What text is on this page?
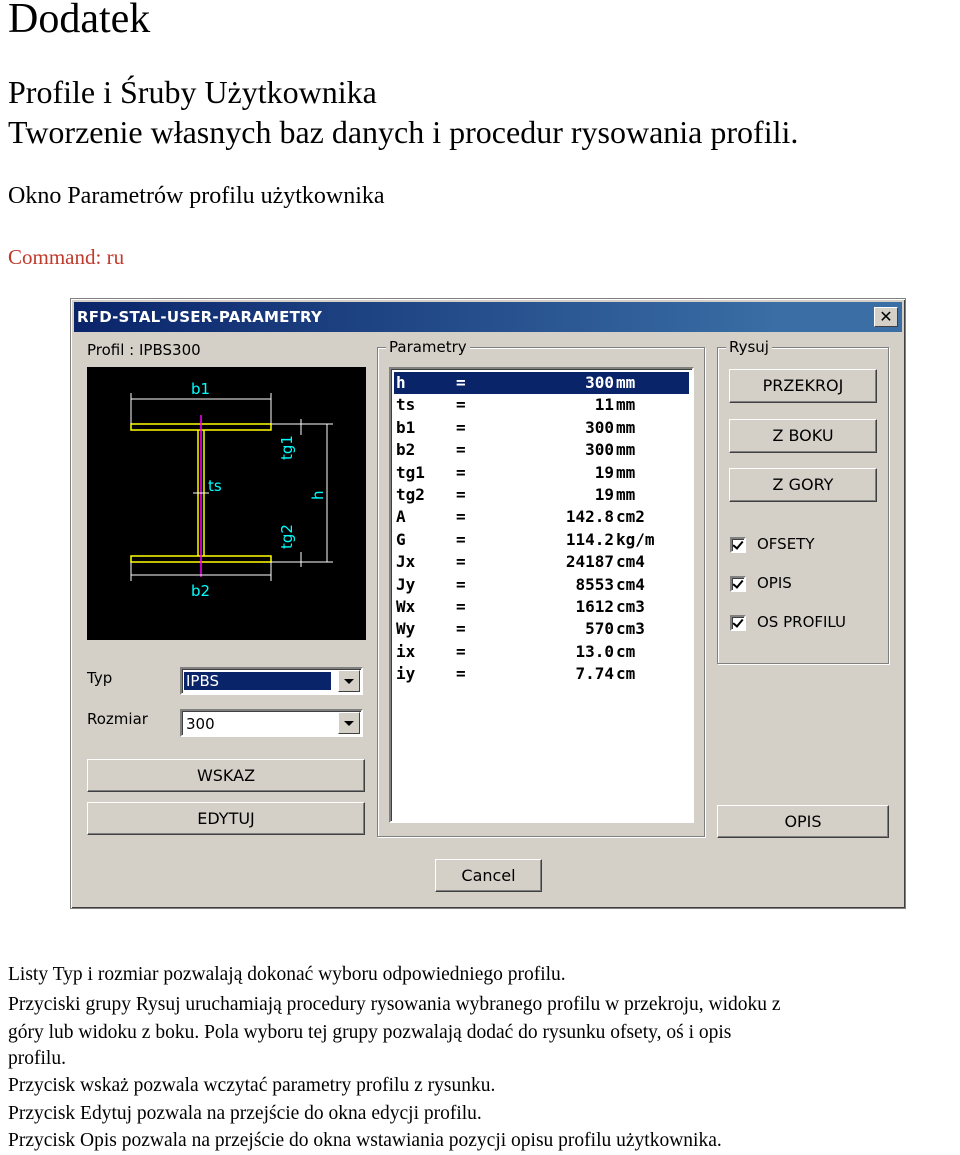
Dodatek
Profile i Śruby Użytkownika
Tworzenie własnych baz danych i procedur rysowania profili.
Okno Parametrów profilu użytkownika
Command: ru
RFD-STAL-USER-PARAMETRY	✕
Profil : IPBS300
b1
b2
ts
tg1
tg2
h
Typ	IPBS
Rozmiar	300
WSKAZ
EDYTUJ
Parametry
h	=	300 mm
ts	=	11 mm
b1	=	300 mm
b2	=	300 mm
tg1 =	19 mm
tg2 =	19 mm
A	=	142.8 cm2
G	=	114.2 kg/m
Jx	=	24187 cm4
Jy	=	8553 cm4
Wx	=	1612 cm3
Wy	=	570 cm3
ix	=	13.0 cm
iy	=	7.74 cm
Rysuj
PRZEKROJ
Z BOKU
Z GORY
OFSETY
OPIS
OS PROFILU
OPIS
Cancel
Listy Typ i rozmiar pozwalają dokonać wyboru odpowiedniego profilu.
Przyciski grupy Rysuj uruchamiają procedury rysowania wybranego profilu w przekroju, widoku z
góry lub widoku z boku. Pola wyboru tej grupy pozwalają dodać do rysunku ofsety, oś i opis
profilu.
Przycisk wskaż pozwala wczytać parametry profilu z rysunku.
Przycisk Edytuj pozwala na przejście do okna edycji profilu.
Przycisk Opis pozwala na przejście do okna wstawiania pozycji opisu profilu użytkownika.
